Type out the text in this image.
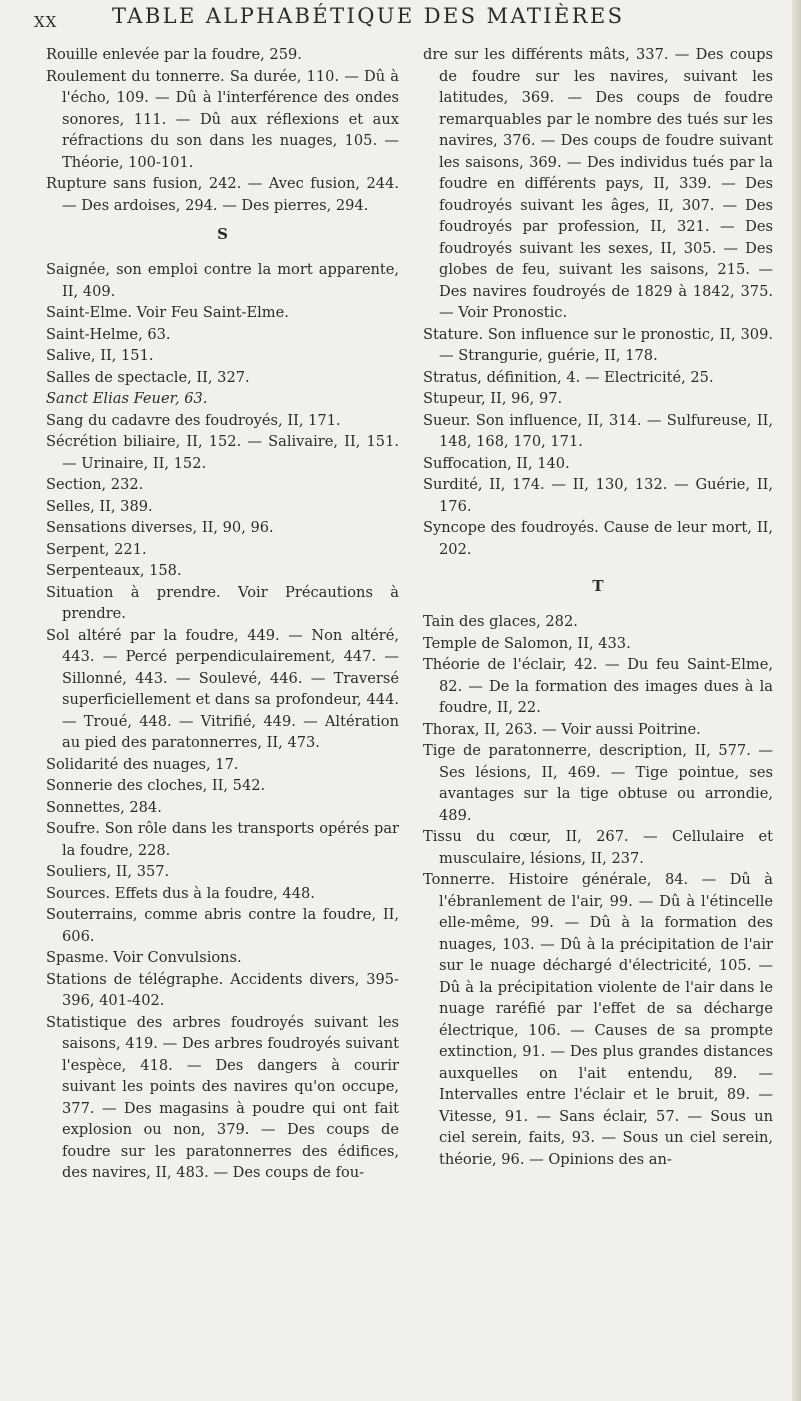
XX	TABLE ALPHABÉTIQUE DES MATIÈRES

Rouille enlevée par la foudre, 259.

Roulement du tonnerre. Sa durée, 110. — Dû à l'écho, 109. — Dû à l'interférence des ondes sonores, 111. — Dû aux réflexions et aux réfractions du son dans les nuages, 105. — Théorie, 100-101.

Rupture sans fusion, 242. — Avec fusion, 244. — Des ardoises, 294. — Des pierres, 294.

S

Saignée, son emploi contre la mort apparente, II, 409.

Saint-Elme. Voir Feu Saint-Elme.

Saint-Helme, 63.

Salive, II, 151.

Salles de spectacle, II, 327.

Sanct Elias Feuer, 63.

Sang du cadavre des foudroyés, II, 171.

Sécrétion biliaire, II, 152. — Salivaire, II, 151. — Urinaire, II, 152.

Section, 232.

Selles, II, 389.

Sensations diverses, II, 90, 96.

Serpent, 221.

Serpenteaux, 158.

Situation à prendre. Voir Précautions à prendre.

Sol altéré par la foudre, 449. — Non altéré, 443. — Percé perpendiculairement, 447. — Sillonné, 443. — Soulevé, 446. — Traversé superficiellement et dans sa profondeur, 444. — Troué, 448. — Vitrifié, 449. — Altération au pied des paratonnerres, II, 473.

Solidarité des nuages, 17.

Sonnerie des cloches, II, 542.

Sonnettes, 284.

Soufre. Son rôle dans les transports opérés par la foudre, 228.

Souliers, II, 357.

Sources. Effets dus à la foudre, 448.

Souterrains, comme abris contre la foudre, II, 606.

Spasme. Voir Convulsions.

Stations de télégraphe. Accidents divers, 395-396, 401-402.

Statistique des arbres foudroyés suivant les saisons, 419. — Des arbres foudroyés suivant l'espèce, 418. — Des dangers à courir suivant les points des navires qu'on occupe, 377. — Des magasins à poudre qui ont fait explosion ou non, 379. — Des coups de foudre sur les paratonnerres des édifices, des navires, II, 483. — Des coups de fou-

dre sur les différents mâts, 337. — Des coups de foudre sur les navires, suivant les latitudes, 369. — Des coups de foudre remarquables par le nombre des tués sur les navires, 376. — Des coups de foudre suivant les saisons, 369. — Des individus tués par la foudre en différents pays, II, 339. — Des foudroyés suivant les âges, II, 307. — Des foudroyés par profession, II, 321. — Des foudroyés suivant les sexes, II, 305. — Des globes de feu, suivant les saisons, 215. — Des navires foudroyés de 1829 à 1842, 375. — Voir Pronostic.

Stature. Son influence sur le pronostic, II, 309. — Strangurie, guérie, II, 178.

Stratus, définition, 4. — Electricité, 25.

Stupeur, II, 96, 97.

Sueur. Son influence, II, 314. — Sulfureuse, II, 148, 168, 170, 171.

Suffocation, II, 140.

Surdité, II, 174. — II, 130, 132. — Guérie, II, 176.

Syncope des foudroyés. Cause de leur mort, II, 202.

T

Tain des glaces, 282.

Temple de Salomon, II, 433.

Théorie de l'éclair, 42. — Du feu Saint-Elme, 82. — De la formation des images dues à la foudre, II, 22.

Thorax, II, 263. — Voir aussi Poitrine.

Tige de paratonnerre, description, II, 577. — Ses lésions, II, 469. — Tige pointue, ses avantages sur la tige obtuse ou arrondie, 489.

Tissu du cœur, II, 267. — Cellulaire et musculaire, lésions, II, 237.

Tonnerre. Histoire générale, 84. — Dû à l'ébranlement de l'air, 99. — Dû à l'étincelle elle-même, 99. — Dû à la formation des nuages, 103. — Dû à la précipitation de l'air sur le nuage déchargé d'électricité, 105. — Dû à la précipitation violente de l'air dans le nuage raréfié par l'effet de sa décharge électrique, 106. — Causes de sa prompte extinction, 91. — Des plus grandes distances auxquelles on l'ait entendu, 89. — Intervalles entre l'éclair et le bruit, 89. — Vitesse, 91. — Sans éclair, 57. — Sous un ciel serein, faits, 93. — Sous un ciel serein, théorie, 96. — Opinions des an-
